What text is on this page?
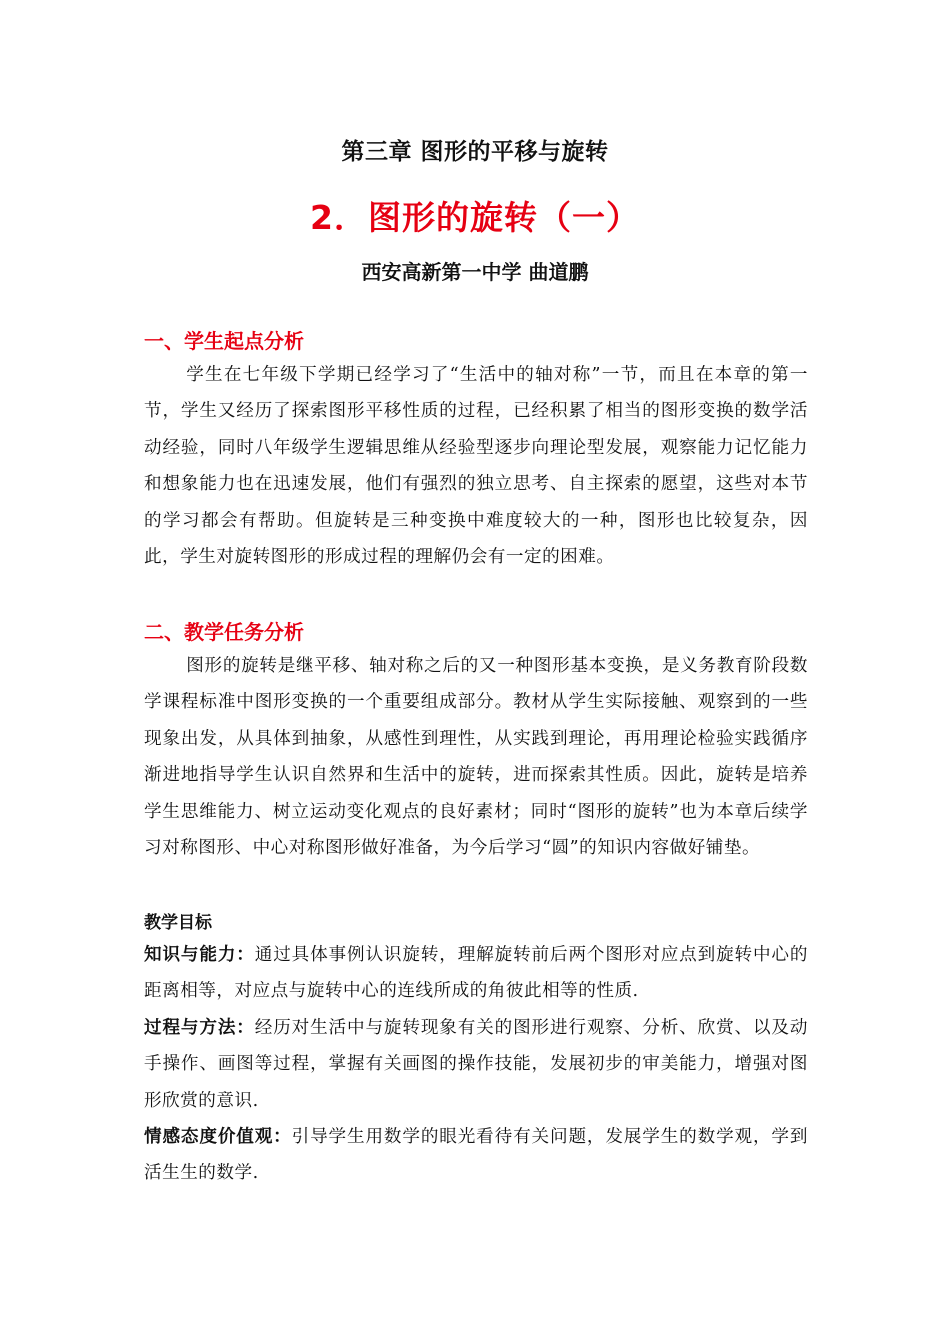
第三章 图形的平移与旋转
2．图形的旋转（一）
西安高新第一中学 曲道鹏
一、学生起点分析
学生在七年级下学期已经学习了“生活中的轴对称”一节，而且在本章的第一节，学生又经历了探索图形平移性质的过程，已经积累了相当的图形变换的数学活动经验，同时八年级学生逻辑思维从经验型逐步向理论型发展，观察能力记忆能力和想象能力也在迅速发展，他们有强烈的独立思考、自主探索的愿望，这些对本节的学习都会有帮助。但旋转是三种变换中难度较大的一种，图形也比较复杂，因此，学生对旋转图形的形成过程的理解仍会有一定的困难。
二、教学任务分析
图形的旋转是继平移、轴对称之后的又一种图形基本变换，是义务教育阶段数学课程标准中图形变换的一个重要组成部分。教材从学生实际接触、观察到的一些现象出发，从具体到抽象，从感性到理性，从实践到理论，再用理论检验实践循序渐进地指导学生认识自然界和生活中的旋转，进而探索其性质。因此，旋转是培养学生思维能力、树立运动变化观点的良好素材；同时“图形的旋转”也为本章后续学习对称图形、中心对称图形做好准备，为今后学习“圆”的知识内容做好铺垫。
教学目标
知识与能力：通过具体事例认识旋转，理解旋转前后两个图形对应点到旋转中心的距离相等，对应点与旋转中心的连线所成的角彼此相等的性质.
过程与方法：经历对生活中与旋转现象有关的图形进行观察、分析、欣赏、以及动手操作、画图等过程，掌握有关画图的操作技能，发展初步的审美能力，增强对图形欣赏的意识.
情感态度价值观：引导学生用数学的眼光看待有关问题，发展学生的数学观，学到活生生的数学.
